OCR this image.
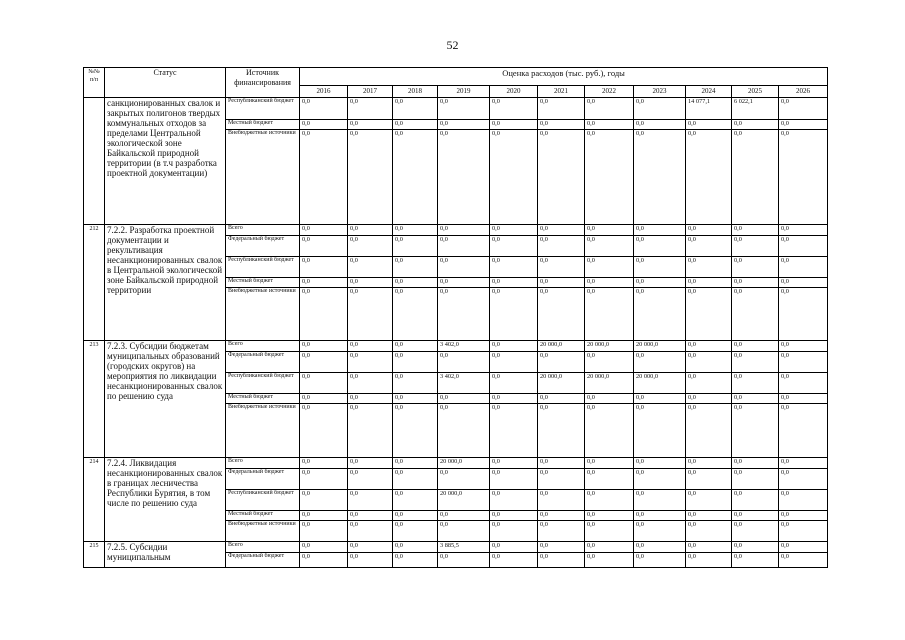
52
№№ п/п	Статус	Источник финансирования	Оценка расходов (тыс. руб.), годы										
			2016	2017	2018	2019	2020	2021	2022	2023	2024	2025	2026
	санкционированных свалок и закрытых полигонов твердых коммунальных отходов за пределами Центральной экологической зоне Байкальской природной территории (в т.ч разработка проектной документации)	Республиканский бюджет	0,0	0,0	0,0	0,0	0,0	0,0	0,0	0,0	14 077,1	6 022,1	0,0
		Местный бюджет	0,0	0,0	0,0	0,0	0,0	0,0	0,0	0,0	0,0	0,0	0,0
		Внебюджетные источники	0,0	0,0	0,0	0,0	0,0	0,0	0,0	0,0	0,0	0,0	0,0
212	7.2.2. Разработка проектной документации и рекультивация несанкционированных свалок в Центральной экологической зоне Байкальской природной территории	Всего	0,0	0,0	0,0	0,0	0,0	0,0	0,0	0,0	0,0	0,0	0,0
		Федеральный бюджет	0,0	0,0	0,0	0,0	0,0	0,0	0,0	0,0	0,0	0,0	0,0
		Республиканский бюджет	0,0	0,0	0,0	0,0	0,0	0,0	0,0	0,0	0,0	0,0	0,0
		Местный бюджет	0,0	0,0	0,0	0,0	0,0	0,0	0,0	0,0	0,0	0,0	0,0
		Внебюджетные источники	0,0	0,0	0,0	0,0	0,0	0,0	0,0	0,0	0,0	0,0	0,0
213	7.2.3. Субсидии бюджетам муниципальных образований (городских округов) на мероприятия по ликвидации несанкционированных свалок по решению суда	Всего	0,0	0,0	0,0	3 402,0	0,0	20 000,0	20 000,0	20 000,0	0,0	0,0	0,0
		Федеральный бюджет	0,0	0,0	0,0	0,0	0,0	0,0	0,0	0,0	0,0	0,0	0,0
		Республиканский бюджет	0,0	0,0	0,0	3 402,0	0,0	20 000,0	20 000,0	20 000,0	0,0	0,0	0,0
		Местный бюджет	0,0	0,0	0,0	0,0	0,0	0,0	0,0	0,0	0,0	0,0	0,0
		Внебюджетные источники	0,0	0,0	0,0	0,0	0,0	0,0	0,0	0,0	0,0	0,0	0,0
214	7.2.4. Ликвидация несанкционированных свалок в границах лесничества Республики Бурятия, в том числе по решению суда	Всего	0,0	0,0	0,0	20 000,0	0,0	0,0	0,0	0,0	0,0	0,0	0,0
		Федеральный бюджет	0,0	0,0	0,0	0,0	0,0	0,0	0,0	0,0	0,0	0,0	0,0
		Республиканский бюджет	0,0	0,0	0,0	20 000,0	0,0	0,0	0,0	0,0	0,0	0,0	0,0
		Местный бюджет	0,0	0,0	0,0	0,0	0,0	0,0	0,0	0,0	0,0	0,0	0,0
		Внебюджетные источники	0,0	0,0	0,0	0,0	0,0	0,0	0,0	0,0	0,0	0,0	0,0
215	7.2.5. Субсидии муниципальным	Всего	0,0	0,0	0,0	3 885,5	0,0	0,0	0,0	0,0	0,0	0,0	0,0
		Федеральный бюджет	0,0	0,0	0,0	0,0	0,0	0,0	0,0	0,0	0,0	0,0	0,0
